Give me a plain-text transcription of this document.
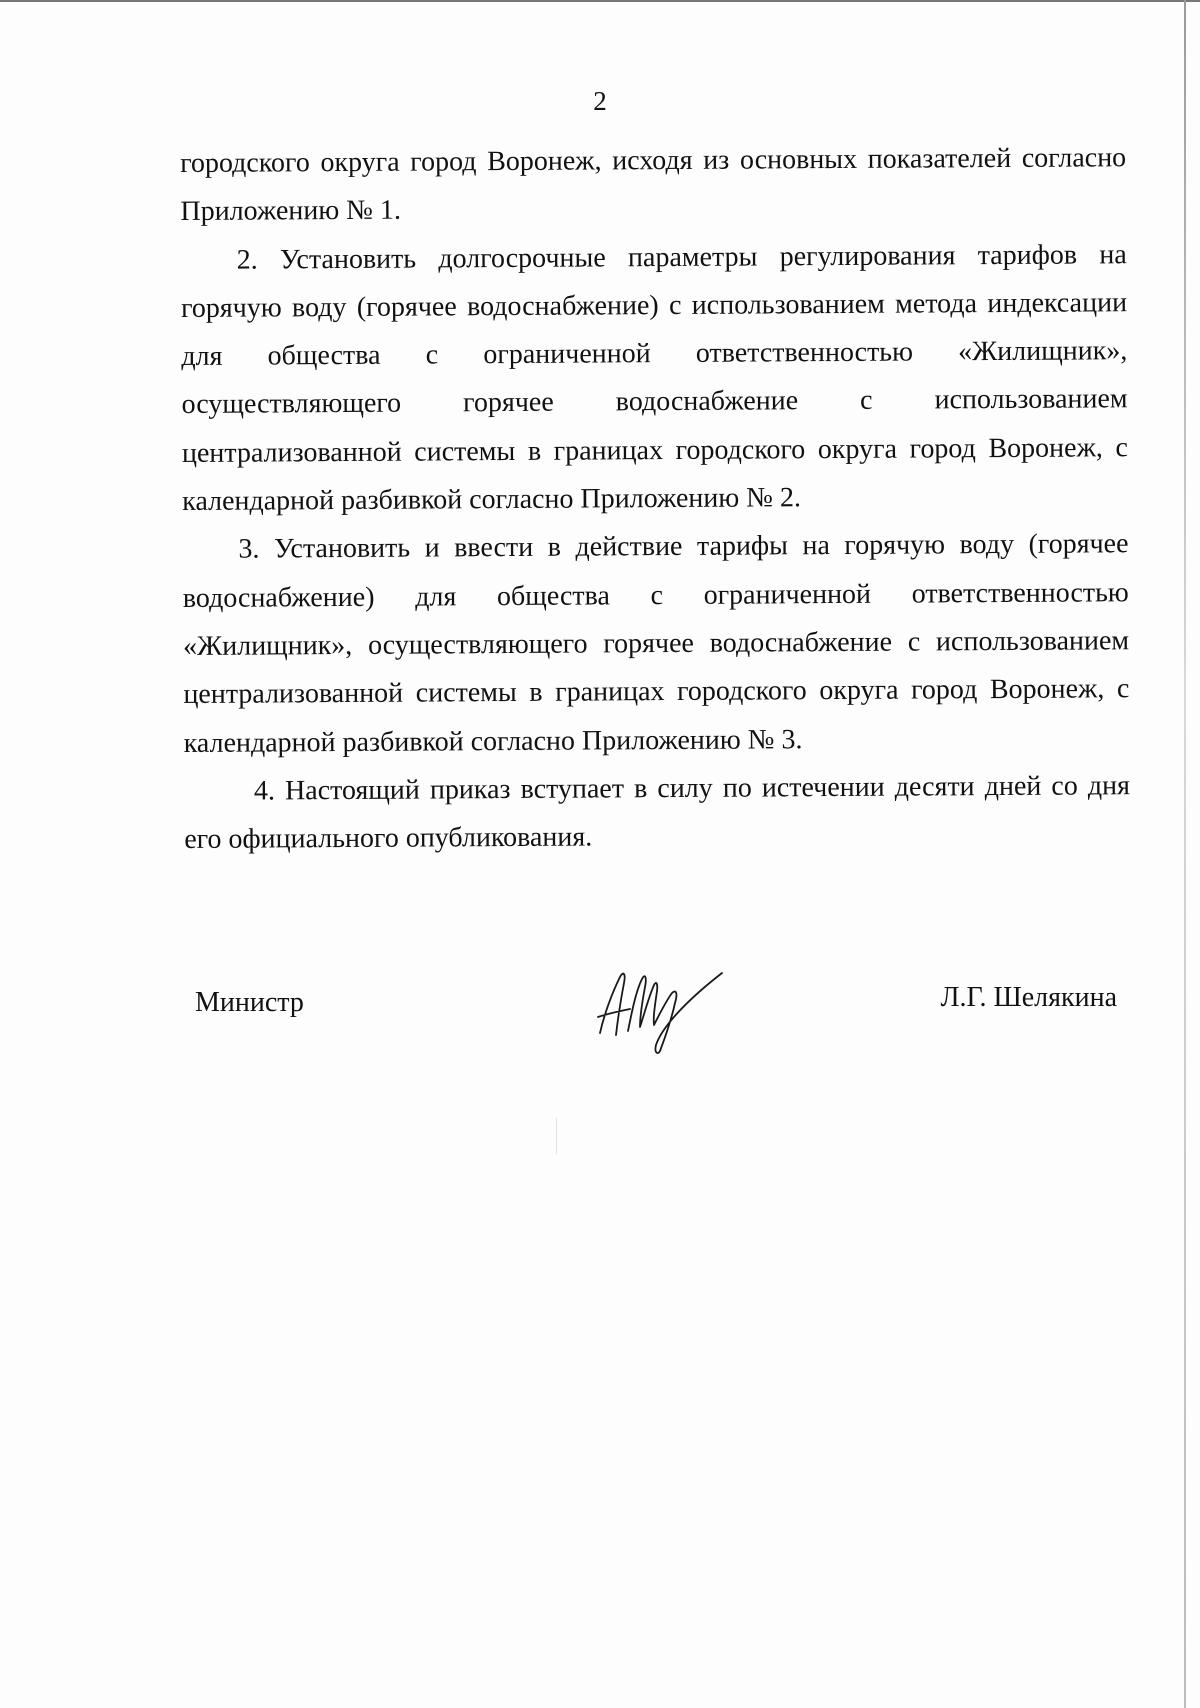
2

городского округа город Воронеж, исходя из основных показателей согласно Приложению № 1.

2. Установить долгосрочные параметры регулирования тарифов на горячую воду (горячее водоснабжение) с использованием метода индексации для общества с ограниченной ответственностью «Жилищник», осуществляющего горячее водоснабжение с использованием централизованной системы в границах городского округа город Воронеж, с календарной разбивкой согласно Приложению № 2.

3. Установить и ввести в действие тарифы на горячую воду (горячее водоснабжение) для общества с ограниченной ответственностью «Жилищник», осуществляющего горячее водоснабжение с использованием централизованной системы в границах городского округа город Воронеж, с календарной разбивкой согласно Приложению № 3.

4. Настоящий приказ вступает в силу по истечении десяти дней со дня его официального опубликования.

Министр	Л.Г. Шелякина
